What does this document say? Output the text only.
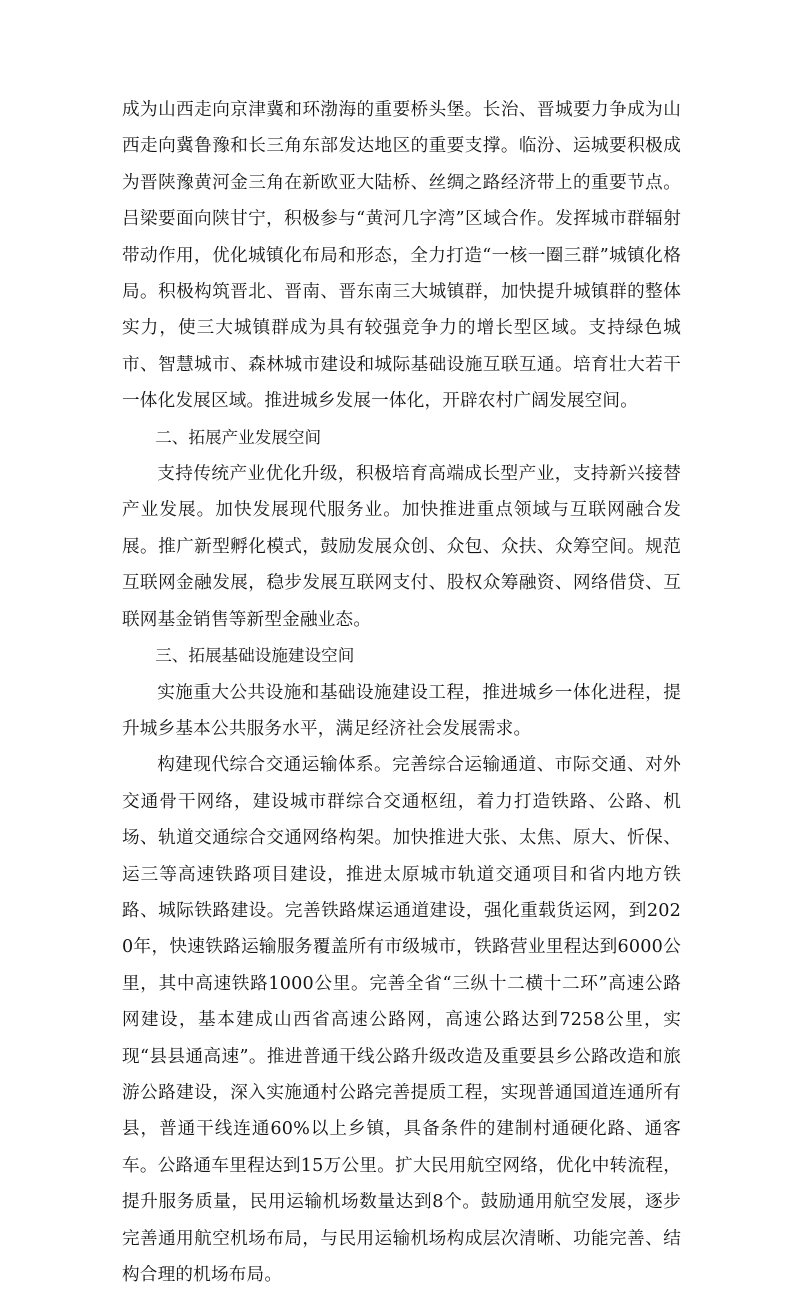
成为山西走向京津冀和环渤海的重要桥头堡。长治、晋城要力争成为山西走向冀鲁豫和长三角东部发达地区的重要支撑。临汾、运城要积极成为晋陕豫黄河金三角在新欧亚大陆桥、丝绸之路经济带上的重要节点。吕梁要面向陕甘宁，积极参与“黄河几字湾”区域合作。发挥城市群辐射带动作用，优化城镇化布局和形态，全力打造“一核一圈三群”城镇化格局。积极构筑晋北、晋南、晋东南三大城镇群，加快提升城镇群的整体实力，使三大城镇群成为具有较强竞争力的增长型区域。支持绿色城市、智慧城市、森林城市建设和城际基础设施互联互通。培育壮大若干一体化发展区域。推进城乡发展一体化，开辟农村广阔发展空间。

二、拓展产业发展空间

支持传统产业优化升级，积极培育高端成长型产业，支持新兴接替产业发展。加快发展现代服务业。加快推进重点领域与互联网融合发展。推广新型孵化模式，鼓励发展众创、众包、众扶、众筹空间。规范互联网金融发展，稳步发展互联网支付、股权众筹融资、网络借贷、互联网基金销售等新型金融业态。

三、拓展基础设施建设空间

实施重大公共设施和基础设施建设工程，推进城乡一体化进程，提升城乡基本公共服务水平，满足经济社会发展需求。

构建现代综合交通运输体系。完善综合运输通道、市际交通、对外交通骨干网络，建设城市群综合交通枢纽，着力打造铁路、公路、机场、轨道交通综合交通网络构架。加快推进大张、太焦、原大、忻保、运三等高速铁路项目建设，推进太原城市轨道交通项目和省内地方铁路、城际铁路建设。完善铁路煤运通道建设，强化重载货运网，到2020年，快速铁路运输服务覆盖所有市级城市，铁路营业里程达到6000公里，其中高速铁路1000公里。完善全省“三纵十二横十二环”高速公路网建设，基本建成山西省高速公路网，高速公路达到7258公里，实现“县县通高速”。推进普通干线公路升级改造及重要县乡公路改造和旅游公路建设，深入实施通村公路完善提质工程，实现普通国道连通所有县，普通干线连通60%以上乡镇，具备条件的建制村通硬化路、通客车。公路通车里程达到15万公里。扩大民用航空网络，优化中转流程，提升服务质量，民用运输机场数量达到8个。鼓励通用航空发展，逐步完善通用航空机场布局，与民用运输机场构成层次清晰、功能完善、结构合理的机场布局。
